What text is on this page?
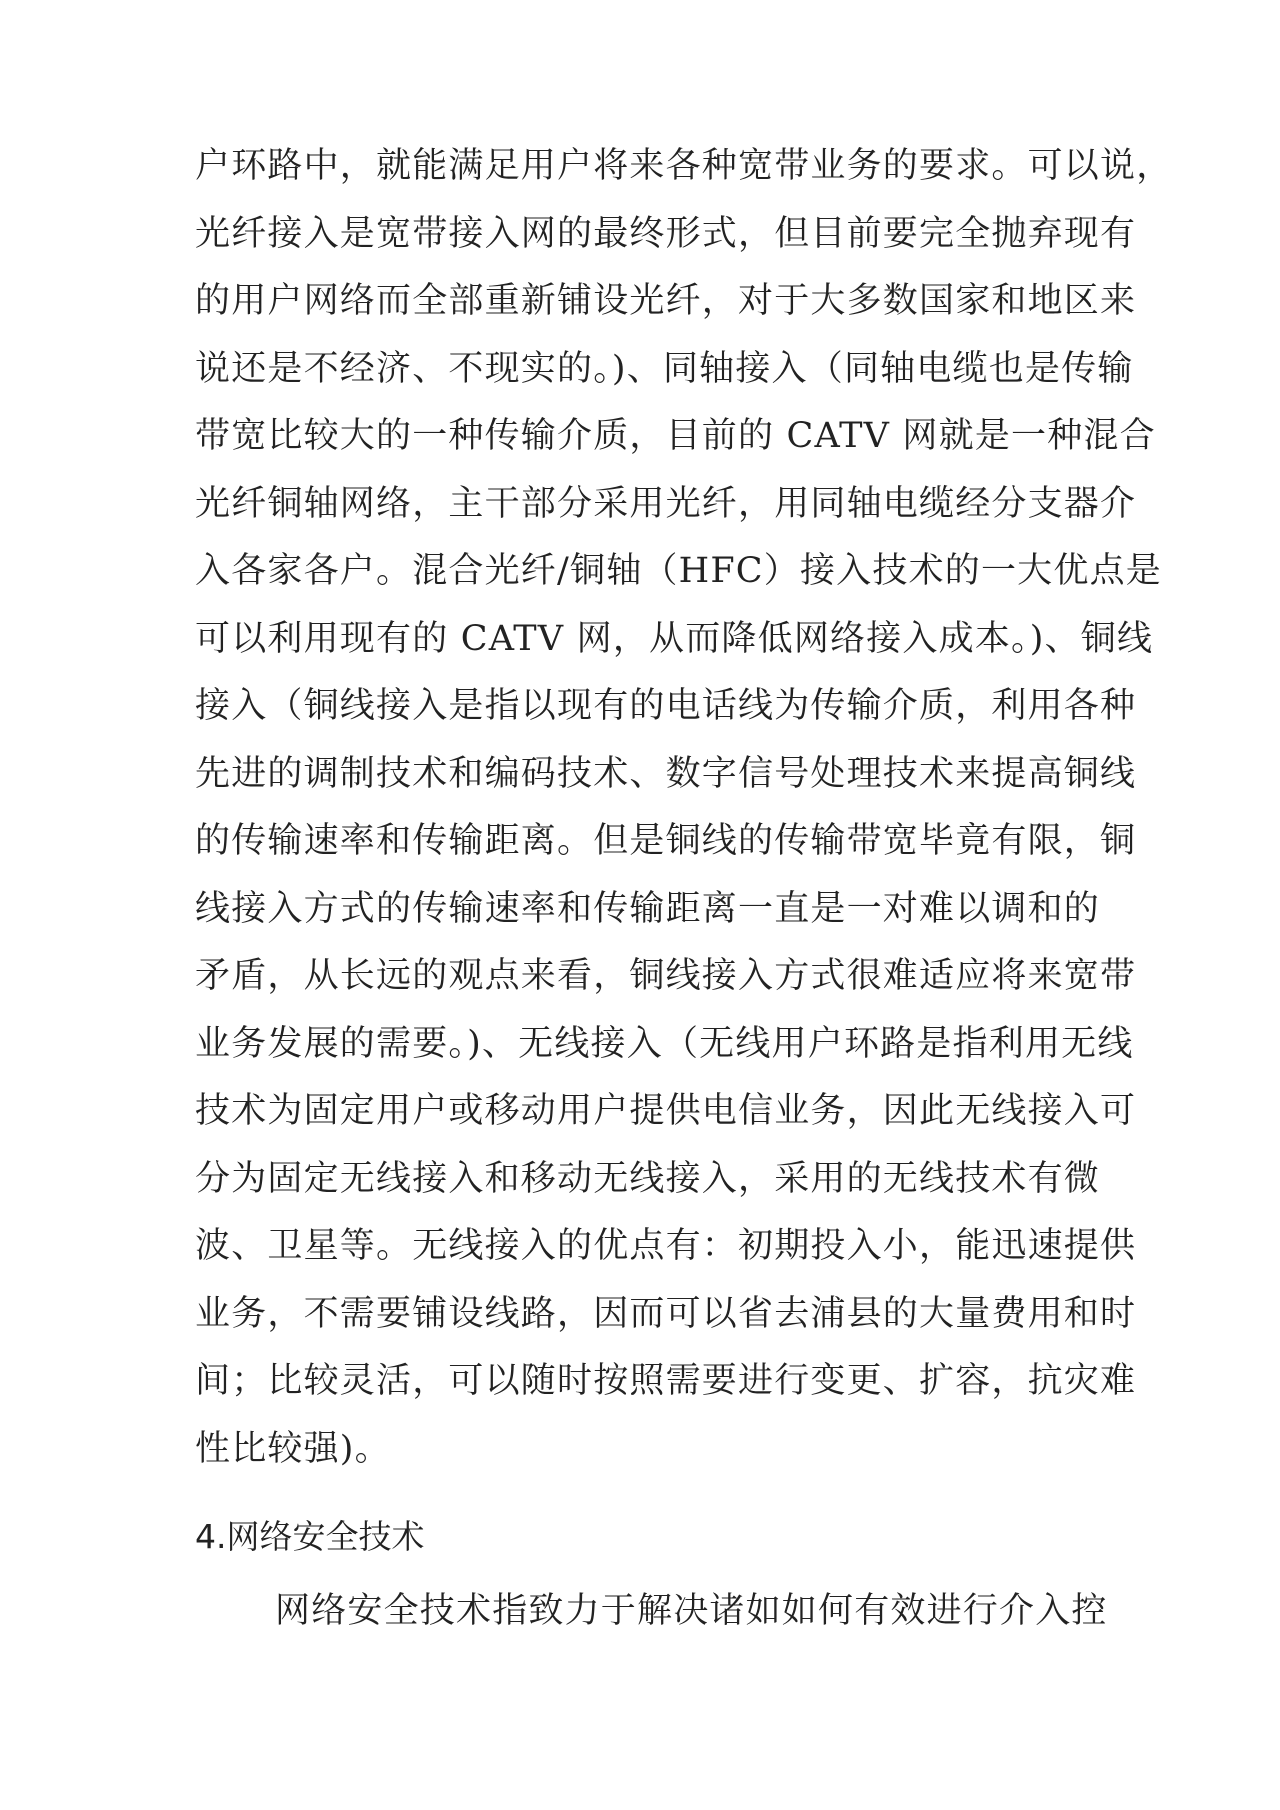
户环路中，就能满足用户将来各种宽带业务的要求。可以说，
光纤接入是宽带接入网的最终形式，但目前要完全抛弃现有
的用户网络而全部重新铺设光纤，对于大多数国家和地区来
说还是不经济、不现实的。)、同轴接入（同轴电缆也是传输
带宽比较大的一种传输介质，目前的 CATV 网就是一种混合
光纤铜轴网络，主干部分采用光纤，用同轴电缆经分支器介
入各家各户。混合光纤/铜轴（HFC）接入技术的一大优点是
可以利用现有的 CATV 网，从而降低网络接入成本。)、铜线
接入（铜线接入是指以现有的电话线为传输介质，利用各种
先进的调制技术和编码技术、数字信号处理技术来提高铜线
的传输速率和传输距离。但是铜线的传输带宽毕竟有限，铜
线接入方式的传输速率和传输距离一直是一对难以调和的
矛盾，从长远的观点来看，铜线接入方式很难适应将来宽带
业务发展的需要。)、无线接入（无线用户环路是指利用无线
技术为固定用户或移动用户提供电信业务，因此无线接入可
分为固定无线接入和移动无线接入，采用的无线技术有微
波、卫星等。无线接入的优点有：初期投入小，能迅速提供
业务，不需要铺设线路，因而可以省去浦县的大量费用和时
间；比较灵活，可以随时按照需要进行变更、扩容，抗灾难
性比较强)。
4.网络安全技术
网络安全技术指致力于解决诸如如何有效进行介入控
